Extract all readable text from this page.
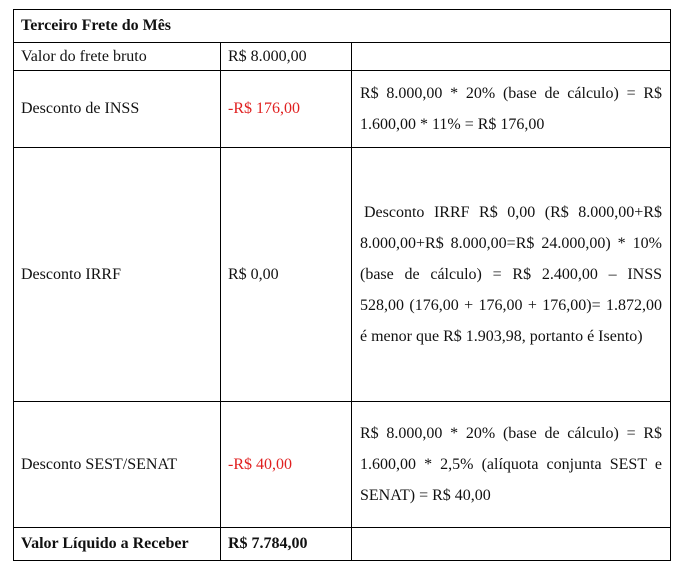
Terceiro Frete do Mês		
Valor do frete bruto	R$ 8.000,00	
Desconto de INSS	-R$ 176,00	R$ 8.000,00 * 20% (base de cálculo) = R$ 1.600,00 * 11% = R$ 176,00
Desconto IRRF	R$ 0,00	Desconto IRRF R$ 0,00 (R$ 8.000,00+R$ 8.000,00+R$ 8.000,00=R$ 24.000,00) * 10% (base de cálculo) = R$ 2.400,00 – INSS 528,00 (176,00 + 176,00 + 176,00)= 1.872,00 é menor que R$ 1.903,98, portanto é Isento)
Desconto SEST/SENAT	-R$ 40,00	R$ 8.000,00 * 20% (base de cálculo) = R$ 1.600,00 * 2,5% (alíquota conjunta SEST e SENAT) = R$ 40,00
Valor Líquido a Receber	R$ 7.784,00	
